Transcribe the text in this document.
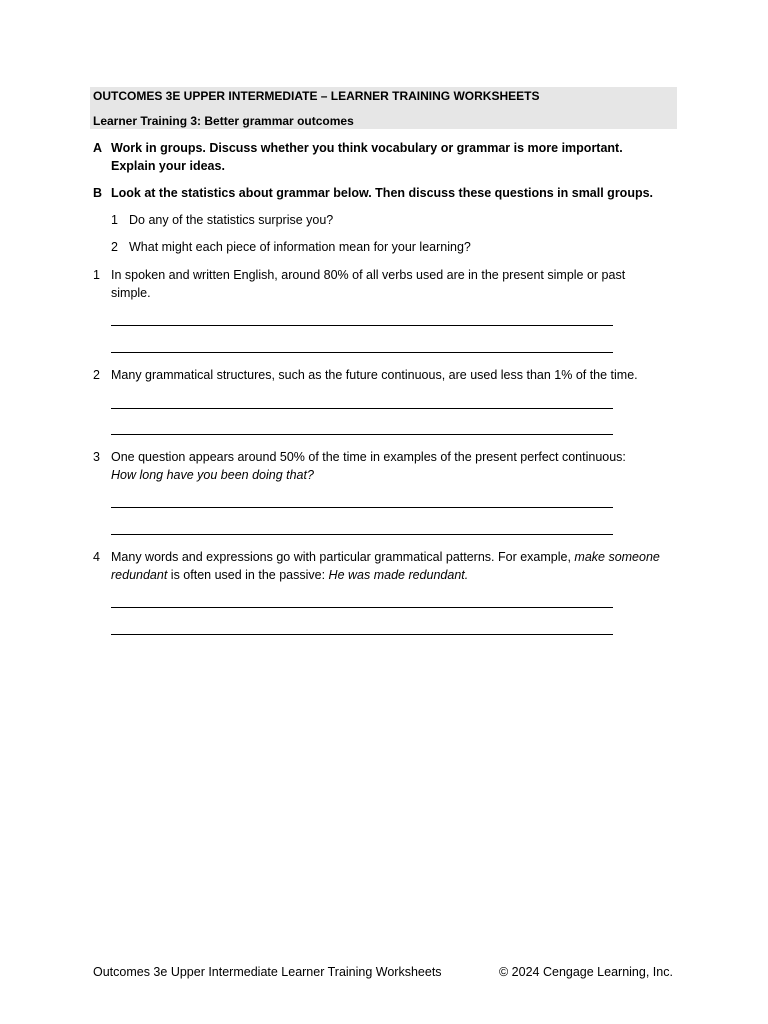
OUTCOMES 3E UPPER INTERMEDIATE – LEARNER TRAINING WORKSHEETS
Learner Training 3: Better grammar outcomes
A Work in groups. Discuss whether you think vocabulary or grammar is more important. Explain your ideas.
B Look at the statistics about grammar below. Then discuss these questions in small groups.
1 Do any of the statistics surprise you?
2 What might each piece of information mean for your learning?
1 In spoken and written English, around 80% of all verbs used are in the present simple or past simple.
2 Many grammatical structures, such as the future continuous, are used less than 1% of the time.
3 One question appears around 50% of the time in examples of the present perfect continuous:
How long have you been doing that?
4 Many words and expressions go with particular grammatical patterns. For example, make someone redundant is often used in the passive: He was made redundant.
Outcomes 3e Upper Intermediate Learner Training Worksheets	© 2024 Cengage Learning, Inc.
